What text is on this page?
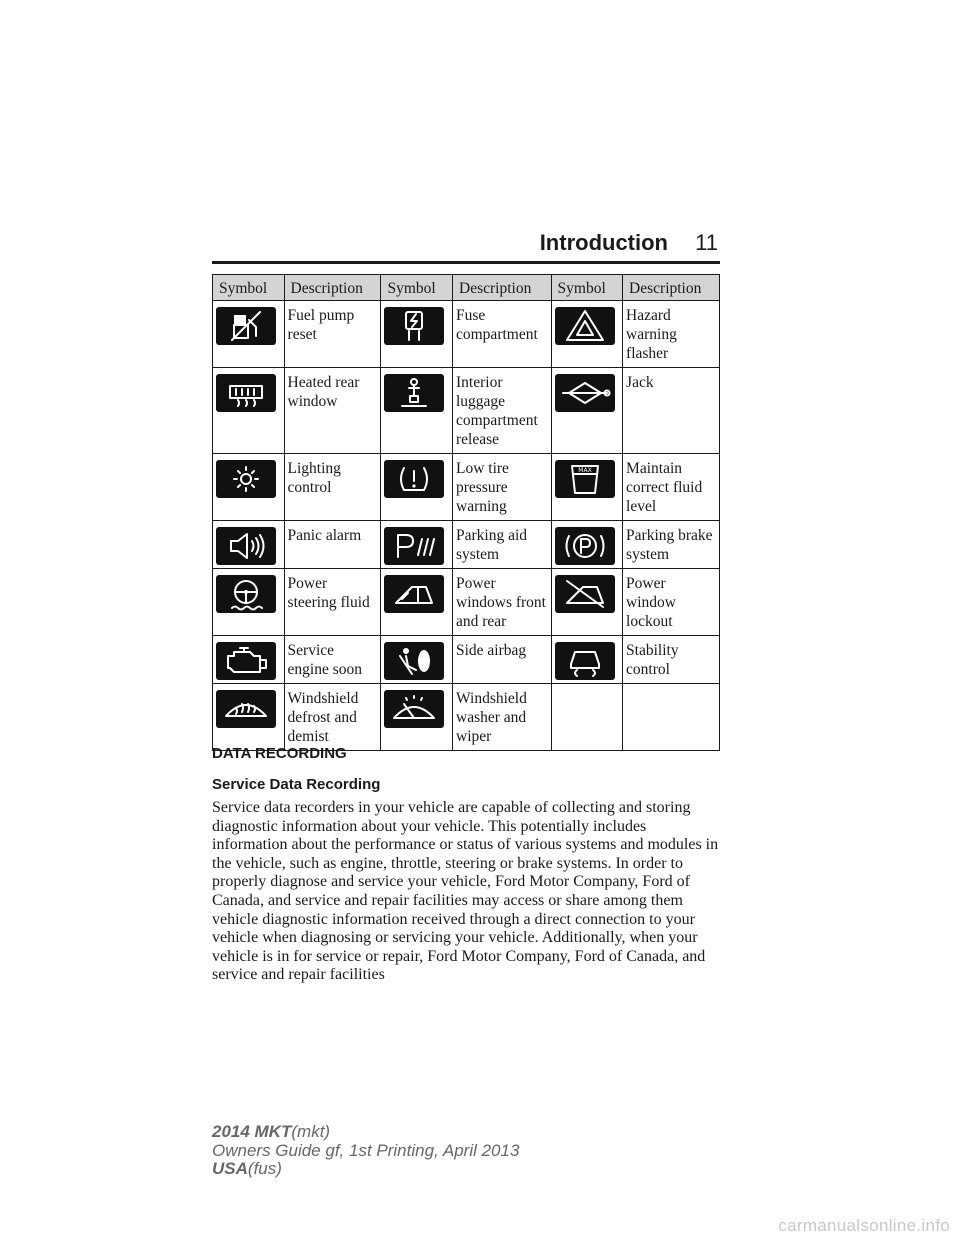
Introduction 11
Symbol	Description	Symbol	Description	Symbol	Description

	Fuel pump reset		Fuse compartment		Hazard warning flasher

	Heated rear window		Interior luggage compartment release		Jack

	Lighting control		Low tire pressure warning	MAX	Maintain correct fluid level

	Panic alarm		Parking aid system		Parking brake system

	Power steering fluid		Power windows front and rear		Power window lockout

	Service engine soon		Side airbag		Stability control

	Windshield defrost and demist		Windshield washer and wiper		
DATA RECORDING
Service Data Recording

Service data recorders in your vehicle are capable of collecting and storing diagnostic information about your vehicle. This potentially includes information about the performance or status of various systems and modules in the vehicle, such as engine, throttle, steering or brake systems. In order to properly diagnose and service your vehicle, Ford Motor Company, Ford of Canada, and service and repair facilities may access or share among them vehicle diagnostic information received through a direct connection to your vehicle when diagnosing or servicing your vehicle. Additionally, when your vehicle is in for service or repair, Ford Motor Company, Ford of Canada, and service and repair facilities

2014 MKT(mkt)
Owners Guide gf, 1st Printing, April 2013
USA(fus)
carmanualsonline.info
